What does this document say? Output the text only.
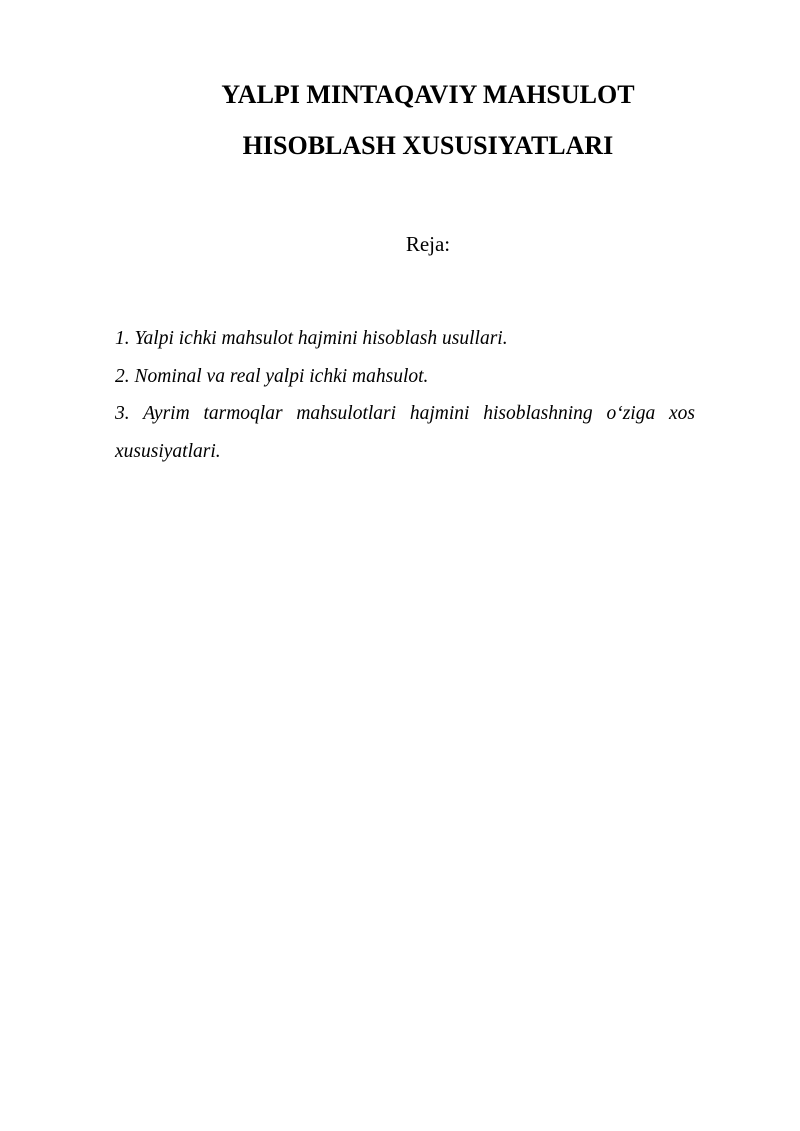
YALPI MINTAQAVIY MAHSULOT
HISOBLASH XUSUSIYATLARI

Reja:

1. Yalpi ichki mahsulot hajmini hisoblash usullari.
2. Nominal va real yalpi ichki mahsulot.
3. Ayrim tarmoqlar mahsulotlari hajmini hisoblashning o‘ziga xos xususiyatlari.
